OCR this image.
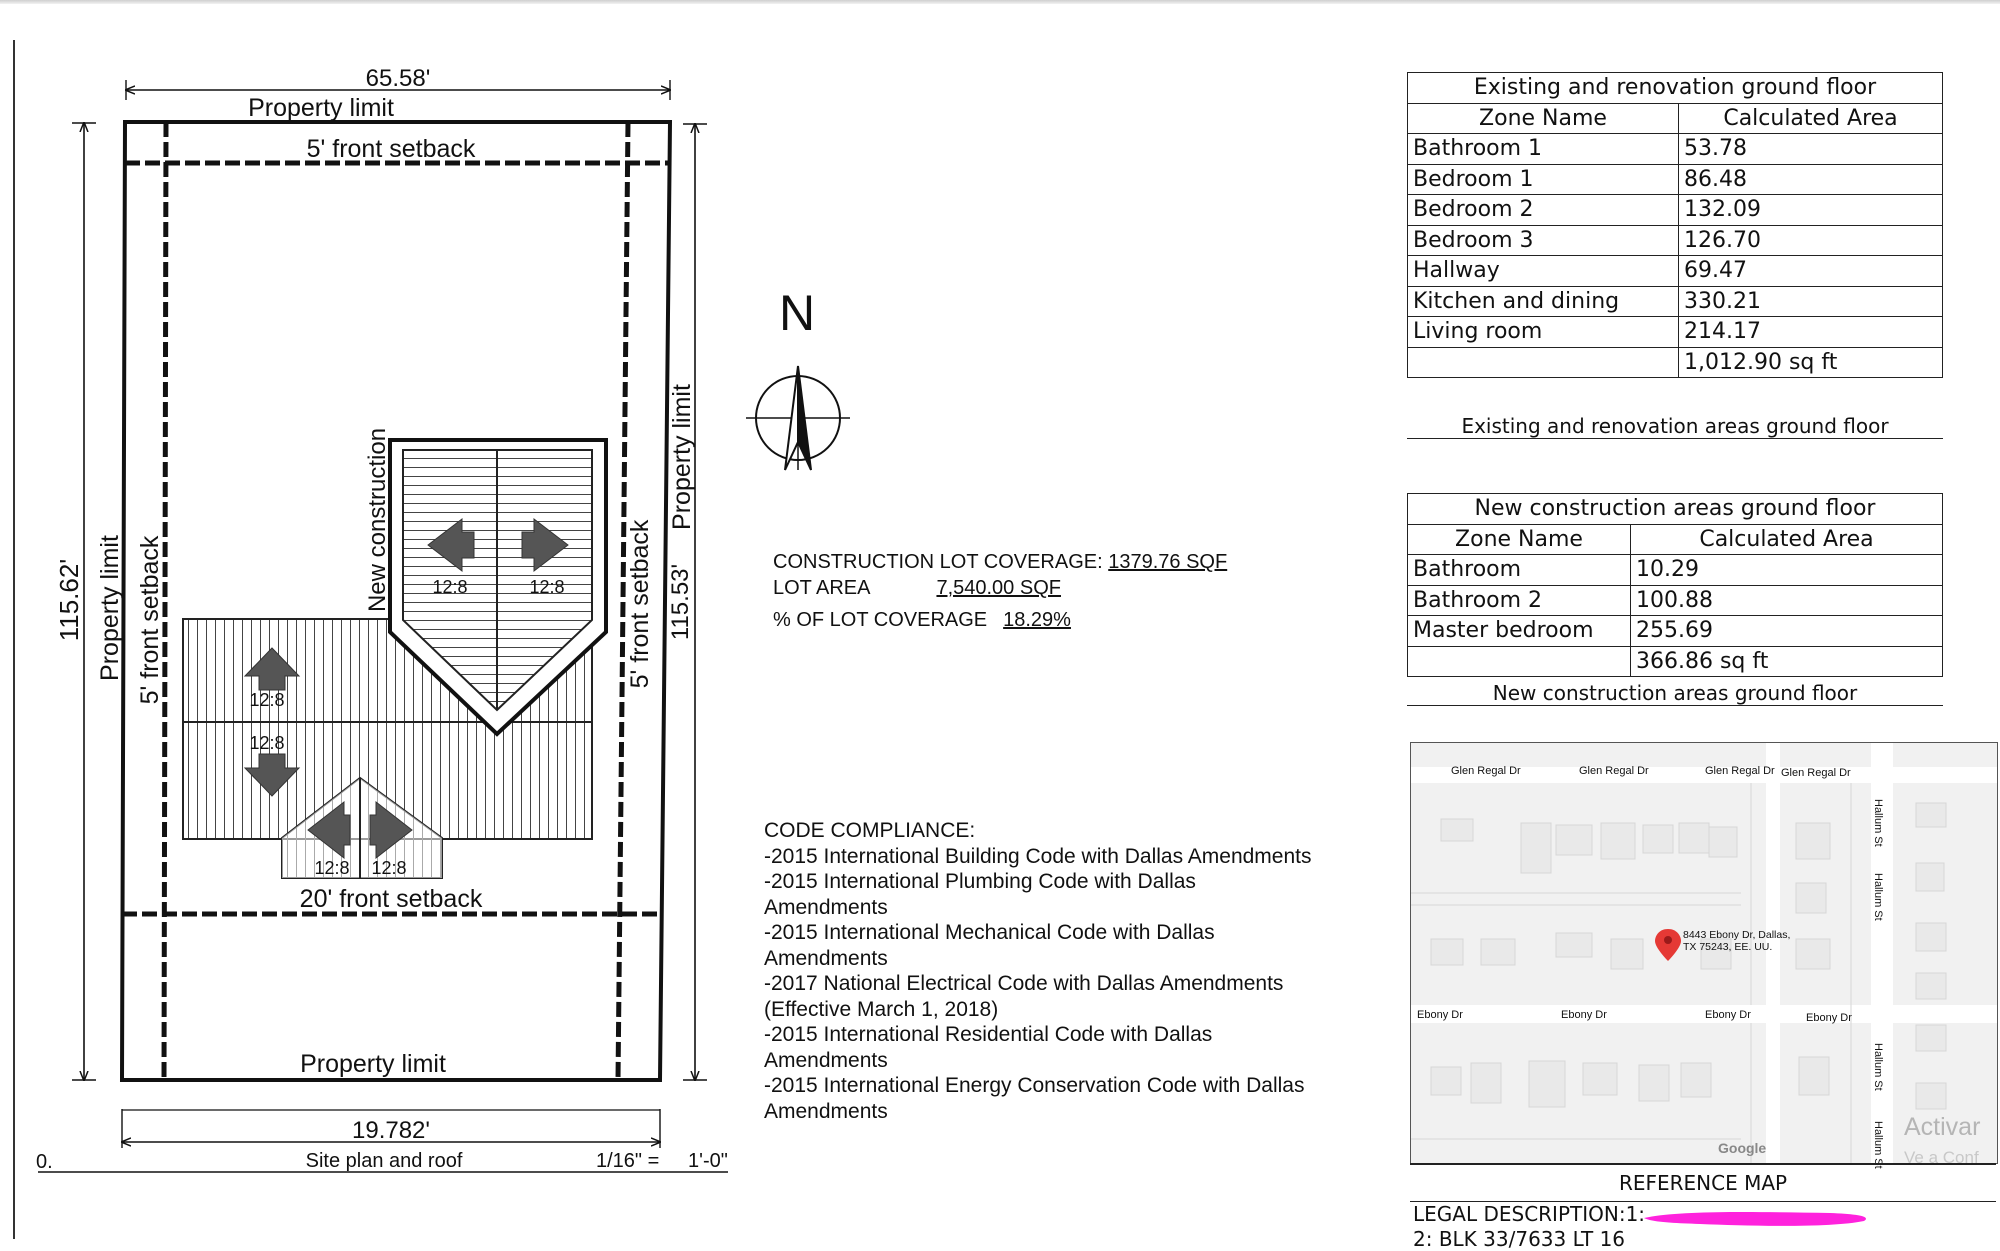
65.58'
115.62'	115.53'
19.782'
Property limit
5' front setback
20' front setback
Property limit
Property limit 5' front setback	5' front setback
Property limit
New construction 12:8	12:8
12:8
12:8
12:8 12:8
0.	Site plan and roof	1/16" = 1'-0"
N
CONSTRUCTION LOT COVERAGE: 1379.76 SQF
LOT AREA	7,540.00 SQF
% OF LOT COVERAGE 18.29%
CODE COMPLIANCE:
-2015 International Building Code with Dallas Amendments
-2015 International Plumbing Code with Dallas Amendments
-2015 International Mechanical Code with Dallas Amendments
-2017 National Electrical Code with Dallas Amendments (Effective March 1, 2018)
-2015 International Residential Code with Dallas Amendments
-2015 International Energy Conservation Code with Dallas Amendments
Existing and renovation ground floor	
Zone Name	Calculated Area
Bathroom 1	53.78
Bedroom 1	86.48
Bedroom 2	132.09
Bedroom 3	126.70
Hallway	69.47
Kitchen and dining	330.21
Living room	214.17
	1,012.90 sq ft
Existing and renovation areas ground floor
New construction areas ground floor	
Zone Name	Calculated Area
Bathroom	10.29
Bathroom 2	100.88
Master bedroom	255.69
	366.86 sq ft
New construction areas ground floor
Glen Regal Dr	Glen Regal Dr	Glen Regal Dr Glen Regal Dr
Ebony Dr	Ebony Dr	Ebony Dr	Ebony Dr
Hallum St
Hallum St
Hallum St
Hallum St
8443 Ebony Dr, Dallas,
TX 75243, EE. UU.
Google
Activar
Ve a Conf
REFERENCE MAP
LEGAL DESCRIPTION:1:
2: BLK 33/7633 LT 16
